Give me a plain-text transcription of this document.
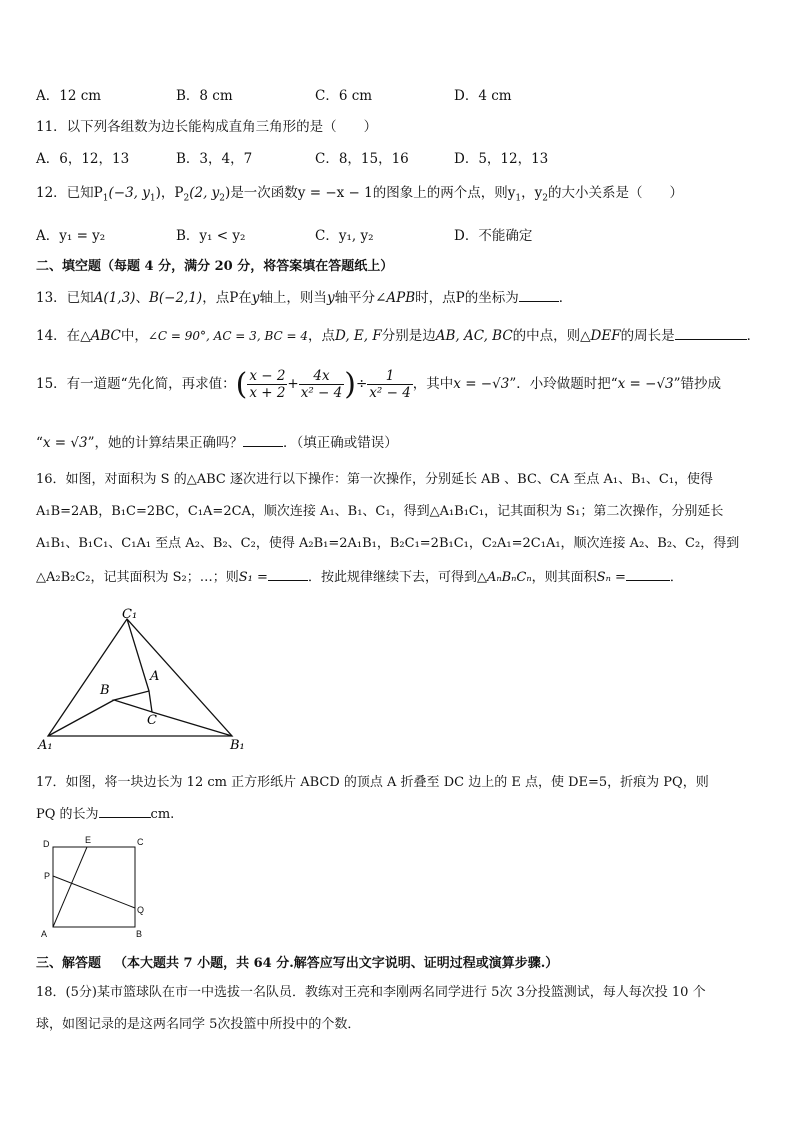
A．12 cm	B．8 cm	C．6 cm	D．4 cm
11．以下列各组数为边长能构成直角三角形的是（　　）
A．6，12，13	B．3，4，7	C．8，15，16	D．5，12，13
12．已知$P_1(-3$, $y_1$)，$P_2(2$, $y_2$)是一次函数y = −x − 1的图象上的两个点，则$y_1$，$y_2$的大小关系是（　　）
A．y₁ = y₂	B．y₁ < y₂	C．y₁, y₂	D．不能确定
二、填空题（每题 4 分，满分 20 分，将答案填在答题纸上）
13．已知A(1,3)、B(−2,1)，点P在y轴上，则当y轴平分∠APB时，点P的坐标为	．
14．在△ABC中，∠C = 90°, AC = 3, BC = 4，点D, E, F分别是边AB, AC, BC的中点，则△DEF的周长是	．
15．有一道题“先化简，再求值：( $\frac{x - 2}{x + 2} + \frac{4x}{\text{x² − 4}}$ )÷ $\frac{1}{\text{x² − 4}}$ ，其中x = −√3”．小玲做题时把“x = −√3”错抄成
“x = √3”，她的计算结果正确吗？	．（填正确或错误）
16．如图，对面积为 S 的△ABC 逐次进行以下操作：第一次操作，分别延长 AB 、BC、CA 至点 A₁、B₁、C₁，使得
A₁B=2AB，B₁C=2BC，C₁A=2CA，顺次连接 A₁、B₁、C₁，得到△A₁B₁C₁，记其面积为 S₁；第二次操作，分别延长
A₁B₁、B₁C₁、C₁A₁ 至点 A₂、B₂、C₂，使得 A₂B₁=2A₁B₁，B₂C₁=2B₁C₁，C₂A₁=2C₁A₁，顺次连接 A₂、B₂、C₂，得到
△A₂B₂C₂，记其面积为 S₂；…；则S₁ =	．按此规律继续下去，可得到△AₙBₙCₙ，则其面积Sₙ =	．
C₁
A
B
C
A₁	B₁
17．如图，将一块边长为 12 cm 正方形纸片 ABCD 的顶点 A 折叠至 DC 边上的 E 点，使 DE=5，折痕为 PQ，则
PQ 的长为	cm.
D	E	C
P
Q
A	B
三、解答题  （本大题共 7 小题，共 64 分.解答应写出文字说明、证明过程或演算步骤.）
18．(5分)某市篮球队在市一中选拔一名队员．教练对王亮和李刚两名同学进行 5次 3分投篮测试，每人每次投 10 个
球，如图记录的是这两名同学 5次投篮中所投中的个数．
